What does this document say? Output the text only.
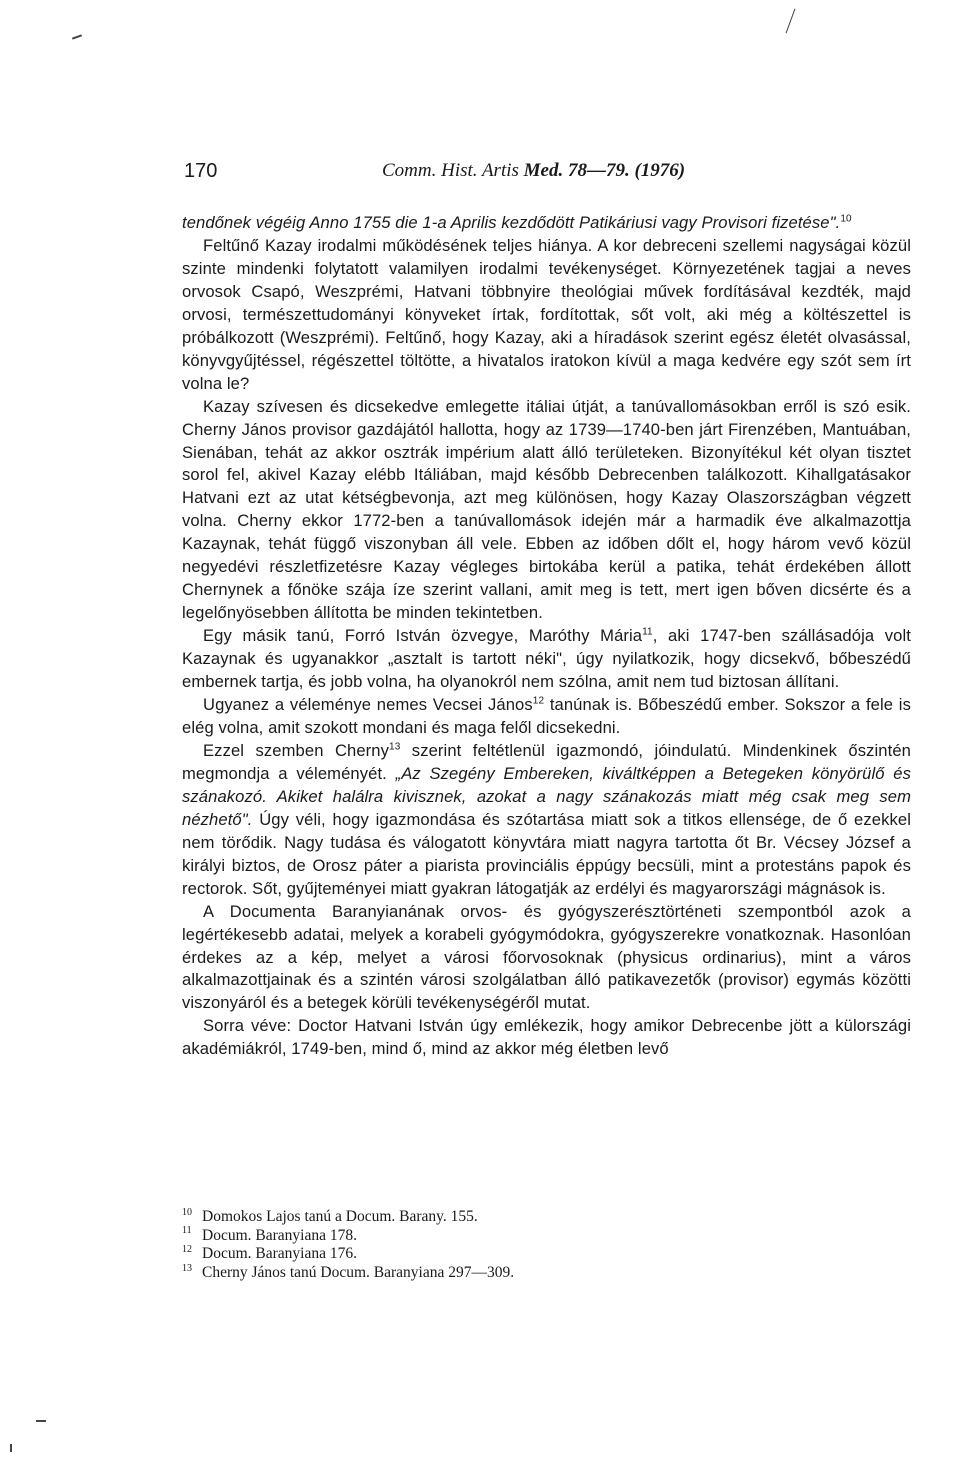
170	Comm. Hist. Artis Med. 78—79. (1976)

tendőnek végéig Anno 1755 die 1-a Aprilis kezdődött Patikáriusi vagy Provisori fizetése".$^{10}$

Feltűnő Kazay irodalmi működésének teljes hiánya. A kor debreceni szellemi nagyságai közül szinte mindenki folytatott valamilyen irodalmi tevékenységet. Környezetének tagjai a neves orvosok Csapó, Weszprémi, Hatvani többnyire theológiai művek fordításával kezdték, majd orvosi, természettudományi könyveket írtak, fordítottak, sőt volt, aki még a költészettel is próbálkozott (Weszprémi). Feltűnő, hogy Kazay, aki a híradások szerint egész életét olvasással, könyvgyűjtéssel, régészettel töltötte, a hivatalos iratokon kívül a maga kedvére egy szót sem írt volna le?

Kazay szívesen és dicsekedve emlegette itáliai útját, a tanúvallomásokban erről is szó esik. Cherny János provisor gazdájától hallotta, hogy az 1739—1740-ben járt Firenzében, Mantuában, Sienában, tehát az akkor osztrák impérium alatt álló területeken. Bizonyítékul két olyan tisztet sorol fel, akivel Kazay elébb Itáliában, majd később Debrecenben találkozott. Kihallgatásakor Hatvani ezt az utat kétségbevonja, azt meg különösen, hogy Kazay Olaszországban végzett volna. Cherny ekkor 1772-ben a tanúvallomások idején már a harmadik éve alkalmazottja Kazaynak, tehát függő viszonyban áll vele. Ebben az időben dőlt el, hogy három vevő közül negyedévi részletfizetésre Kazay végleges birtokába kerül a patika, tehát érdekében állott Chernynek a főnöke szája íze szerint vallani, amit meg is tett, mert igen bőven dicsérte és a legelőnyösebben állította be minden tekintetben.

Egy másik tanú, Forró István özvegye, Maróthy Mária$^{11}$, aki 1747-ben szállásadója volt Kazaynak és ugyanakkor „asztalt is tartott néki", úgy nyilatkozik, hogy dicsekvő, bőbeszédű embernek tartja, és jobb volna, ha olyanokról nem szólna, amit nem tud biztosan állítani.

Ugyanez a véleménye nemes Vecsei János$^{12}$ tanúnak is. Bőbeszédű ember. Sokszor a fele is elég volna, amit szokott mondani és maga felől dicsekedni.

Ezzel szemben Cherny$^{13}$ szerint feltétlenül igazmondó, jóindulatú. Mindenkinek őszintén megmondja a véleményét. „Az Szegény Embereken, kiváltképpen a Betegeken könyörülő és szánakozó. Akiket halálra kivisznek, azokat a nagy szánakozás miatt még csak meg sem nézhető". Úgy véli, hogy igazmondása és szótartása miatt sok a titkos ellensége, de ő ezekkel nem törődik. Nagy tudása és válogatott könyvtára miatt nagyra tartotta őt Br. Vécsey József a királyi biztos, de Orosz páter a piarista provinciális éppúgy becsüli, mint a protestáns papok és rectorok. Sőt, gyűjteményei miatt gyakran látogatják az erdélyi és magyarországi mágnások is.

A Documenta Baranyianának orvos- és gyógyszerésztörténeti szempontból azok a legértékesebb adatai, melyek a korabeli gyógymódokra, gyógyszerekre vonatkoznak. Hasonlóan érdekes az a kép, melyet a városi főorvosoknak (physicus ordinarius), mint a város alkalmazottjainak és a szintén városi szolgálatban álló patikavezetők (provisor) egymás közötti viszonyáról és a betegek körüli tevékenységéről mutat.

Sorra véve: Doctor Hatvani István úgy emlékezik, hogy amikor Debrecenbe jött a külországi akadémiákról, 1749-ben, mind ő, mind az akkor még életben levő

10 Domokos Lajos tanú a Docum. Barany. 155.
11 Docum. Baranyiana 178.
12 Docum. Baranyiana 176.
13 Cherny János tanú Docum. Baranyiana 297—309.
